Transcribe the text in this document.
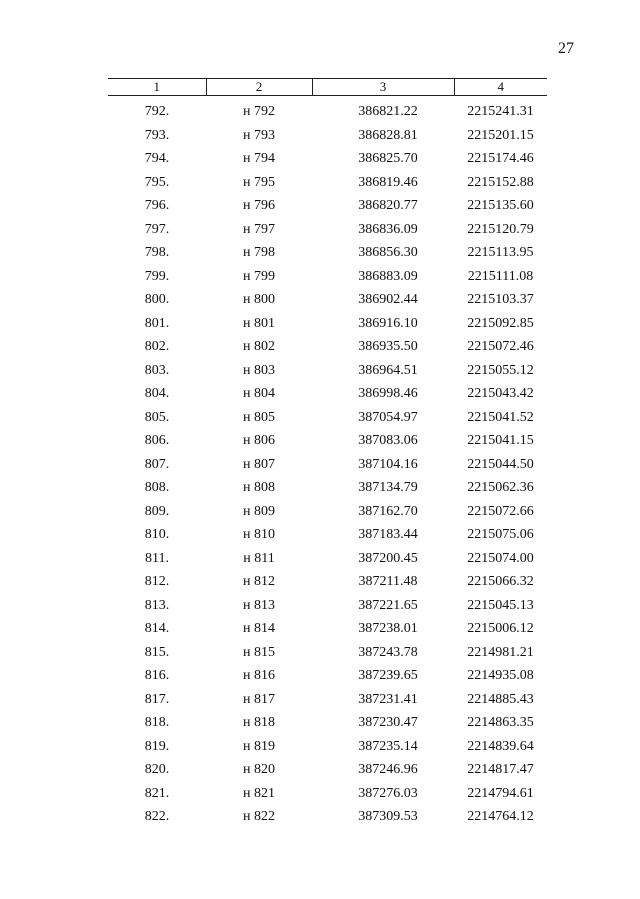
27
1	2	3	4
792.	н 792	386821.22	2215241.31
793.	н 793	386828.81	2215201.15
794.	н 794	386825.70	2215174.46
795.	н 795	386819.46	2215152.88
796.	н 796	386820.77	2215135.60
797.	н 797	386836.09	2215120.79
798.	н 798	386856.30	2215113.95
799.	н 799	386883.09	2215111.08
800.	н 800	386902.44	2215103.37
801.	н 801	386916.10	2215092.85
802.	н 802	386935.50	2215072.46
803.	н 803	386964.51	2215055.12
804.	н 804	386998.46	2215043.42
805.	н 805	387054.97	2215041.52
806.	н 806	387083.06	2215041.15
807.	н 807	387104.16	2215044.50
808.	н 808	387134.79	2215062.36
809.	н 809	387162.70	2215072.66
810.	н 810	387183.44	2215075.06
811.	н 811	387200.45	2215074.00
812.	н 812	387211.48	2215066.32
813.	н 813	387221.65	2215045.13
814.	н 814	387238.01	2215006.12
815.	н 815	387243.78	2214981.21
816.	н 816	387239.65	2214935.08
817.	н 817	387231.41	2214885.43
818.	н 818	387230.47	2214863.35
819.	н 819	387235.14	2214839.64
820.	н 820	387246.96	2214817.47
821.	н 821	387276.03	2214794.61
822.	н 822	387309.53	2214764.12
